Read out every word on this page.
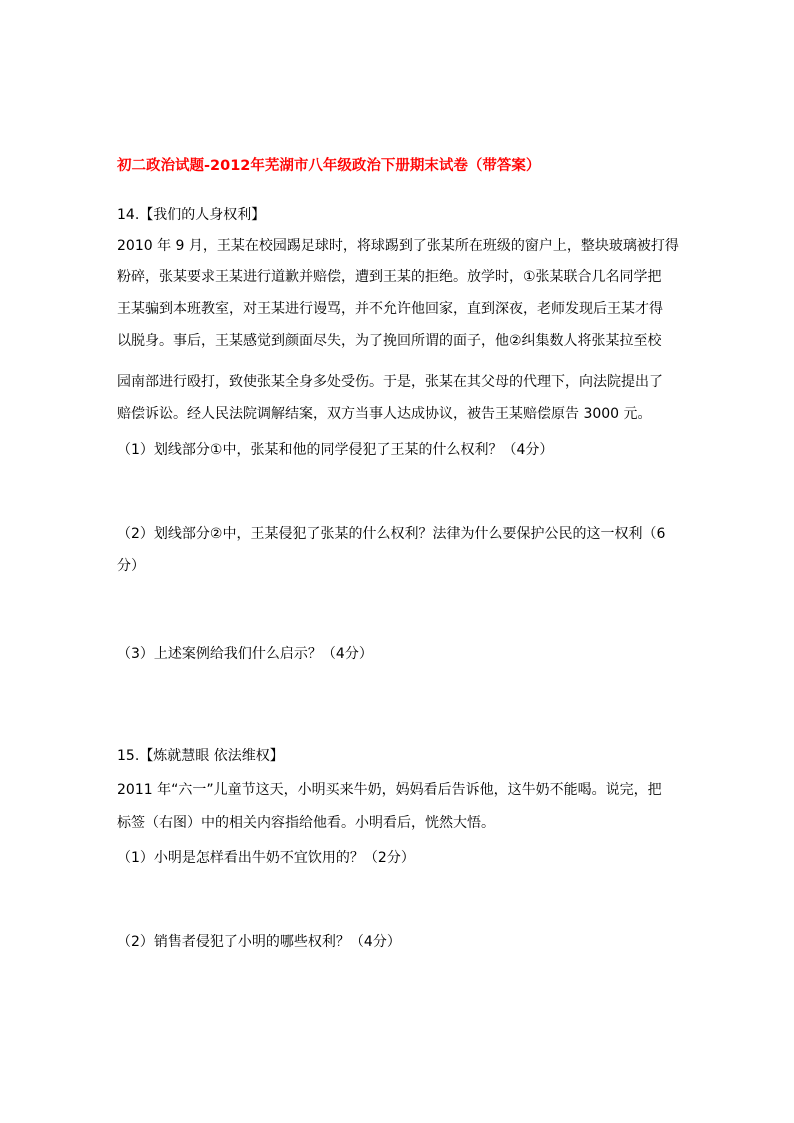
初二政治试题-2012年芜湖市八年级政治下册期末试卷（带答案）
14.【我们的人身权利】
2010 年 9 月，王某在校园踢足球时，将球踢到了张某所在班级的窗户上，整块玻璃被打得
粉碎，张某要求王某进行道歉并赔偿，遭到王某的拒绝。放学时，①张某联合几名同学把
王某骗到本班教室，对王某进行谩骂，并不允许他回家，直到深夜，老师发现后王某才得
以脱身。事后，王某感觉到颜面尽失，为了挽回所谓的面子，他②纠集数人将张某拉至校
园南部进行殴打，致使张某全身多处受伤。于是，张某在其父母的代理下，向法院提出了
赔偿诉讼。经人民法院调解结案，双方当事人达成协议，被告王某赔偿原告 3000 元。
（1）划线部分①中，张某和他的同学侵犯了王某的什么权利？（4分）
（2）划线部分②中，王某侵犯了张某的什么权利？法律为什么要保护公民的这一权利（6
分）
（3）上述案例给我们什么启示？（4分）
15.【炼就慧眼 依法维权】
2011 年“六一”儿童节这天，小明买来牛奶，妈妈看后告诉他，这牛奶不能喝。说完，把
标签（右图）中的相关内容指给他看。小明看后，恍然大悟。
（1）小明是怎样看出牛奶不宜饮用的？（2分）
（2）销售者侵犯了小明的哪些权利？（4分）
